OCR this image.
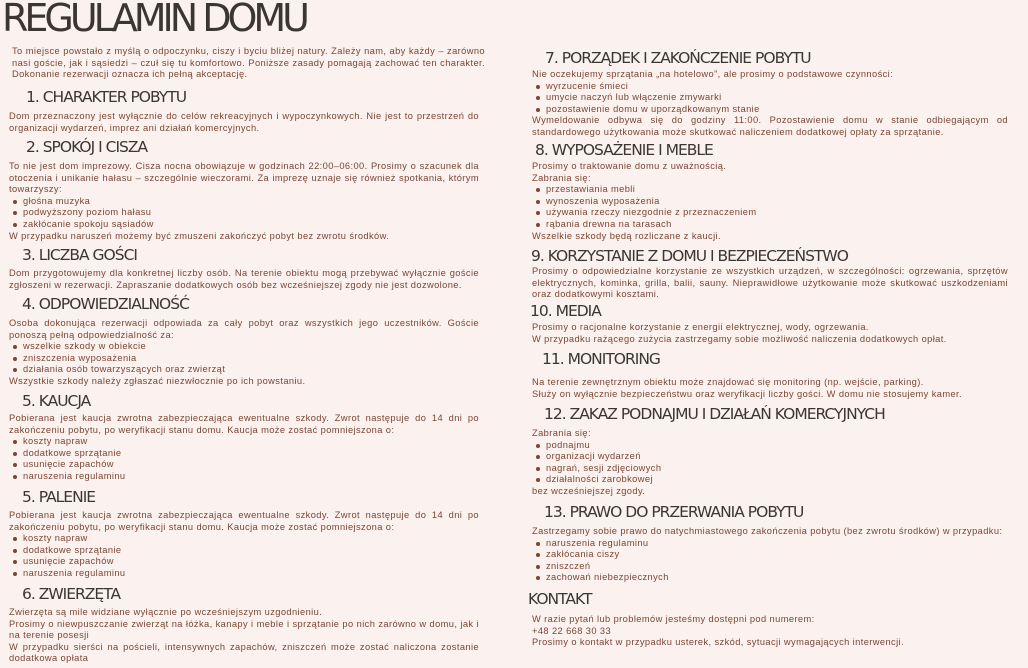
REGULAMIN DOMU

To miejsce powstało z myślą o odpoczynku, ciszy i byciu bliżej natury. Zależy nam, aby każdy – zarówno nasi goście, jak i sąsiedzi – czuł się tu komfortowo. Poniższe zasady pomagają zachować ten charakter. Dokonanie rezerwacji oznacza ich pełną akceptację.

1. CHARAKTER POBYTU

Dom przeznaczony jest wyłącznie do celów rekreacyjnych i wypoczynkowych. Nie jest to przestrzeń do organizacji wydarzeń, imprez ani działań komercyjnych.

2. SPOKÓJ I CISZA

To nie jest dom imprezowy. Cisza nocna obowiązuje w godzinach 22:00–06:00. Prosimy o szacunek dla otoczenia i unikanie hałasu – szczególnie wieczorami. Za imprezę uznaje się również spotkania, którym towarzyszy:

głośna muzyka
podwyższony poziom hałasu
zakłócanie spokoju sąsiadów

W przypadku naruszeń możemy być zmuszeni zakończyć pobyt bez zwrotu środków.

3. LICZBA GOŚCI

Dom przygotowujemy dla konkretnej liczby osób. Na terenie obiektu mogą przebywać wyłącznie goście zgłoszeni w rezerwacji. Zapraszanie dodatkowych osób bez wcześniejszej zgody nie jest dozwolone.

4. ODPOWIEDZIALNOŚĆ

Osoba dokonująca rezerwacji odpowiada za cały pobyt oraz wszystkich jego uczestników. Goście ponoszą pełną odpowiedzialność za:

wszelkie szkody w obiekcie
zniszczenia wyposażenia
działania osób towarzyszących oraz zwierząt

Wszystkie szkody należy zgłaszać niezwłocznie po ich powstaniu.

5. KAUCJA

Pobierana jest kaucja zwrotna zabezpieczająca ewentualne szkody. Zwrot następuje do 14 dni po zakończeniu pobytu, po weryfikacji stanu domu. Kaucja może zostać pomniejszona o:

koszty napraw
dodatkowe sprzątanie
usunięcie zapachów
naruszenia regulaminu
5. PALENIE

Pobierana jest kaucja zwrotna zabezpieczająca ewentualne szkody. Zwrot następuje do 14 dni po zakończeniu pobytu, po weryfikacji stanu domu. Kaucja może zostać pomniejszona o:

koszty napraw
dodatkowe sprzątanie
usunięcie zapachów
naruszenia regulaminu
6. ZWIERZĘTA

Zwierzęta są mile widziane wyłącznie po wcześniejszym uzgodnieniu.

Prosimy o niewpuszczanie zwierząt na łóżka, kanapy i meble i sprzątanie po nich zarówno w domu, jak i na terenie posesji

W przypadku sierści na pościeli, intensywnych zapachów, zniszczeń może zostać naliczona zostanie dodatkowa opłata

7. PORZĄDEK I ZAKOŃCZENIE POBYTU

Nie oczekujemy sprzątania „na hotelowo”, ale prosimy o podstawowe czynności:

wyrzucenie śmieci
umycie naczyń lub włączenie zmywarki
pozostawienie domu w uporządkowanym stanie

Wymeldowanie odbywa się do godziny 11:00. Pozostawienie domu w stanie odbiegającym od standardowego użytkowania może skutkować naliczeniem dodatkowej opłaty za sprzątanie.

8. WYPOSAŻENIE I MEBLE

Prosimy o traktowanie domu z uważnością.

Zabrania się:

przestawiania mebli
wynoszenia wyposażenia
używania rzeczy niezgodnie z przeznaczeniem
rąbania drewna na tarasach

Wszelkie szkody będą rozliczane z kaucji.

9. KORZYSTANIE Z DOMU I BEZPIECZEŃSTWO

Prosimy o odpowiedzialne korzystanie ze wszystkich urządzeń, w szczególności: ogrzewania, sprzętów elektrycznych, kominka, grilla, balii, sauny. Nieprawidłowe użytkowanie może skutkować uszkodzeniami oraz dodatkowymi kosztami.

10. MEDIA

Prosimy o racjonalne korzystanie z energii elektrycznej, wody, ogrzewania.

W przypadku rażącego zużycia zastrzegamy sobie możliwość naliczenia dodatkowych opłat.

11. MONITORING

Na terenie zewnętrznym obiektu może znajdować się monitoring (np. wejście, parking).

Służy on wyłącznie bezpieczeństwu oraz weryfikacji liczby gości. W domu nie stosujemy kamer.

12. ZAKAZ PODNAJMU I DZIAŁAŃ KOMERCYJNYCH

Zabrania się:

podnajmu
organizacji wydarzeń
nagrań, sesji zdjęciowych
działalności zarobkowej

bez wcześniejszej zgody.

13. PRAWO DO PRZERWANIA POBYTU

Zastrzegamy sobie prawo do natychmiastowego zakończenia pobytu (bez zwrotu środków) w przypadku:

naruszenia regulaminu
zakłócania ciszy
zniszczeń
zachowań niebezpiecznych
KONTAKT

W razie pytań lub problemów jesteśmy dostępni pod numerem:

+48 22 668 30 33

Prosimy o kontakt w przypadku usterek, szkód, sytuacji wymagających interwencji.
